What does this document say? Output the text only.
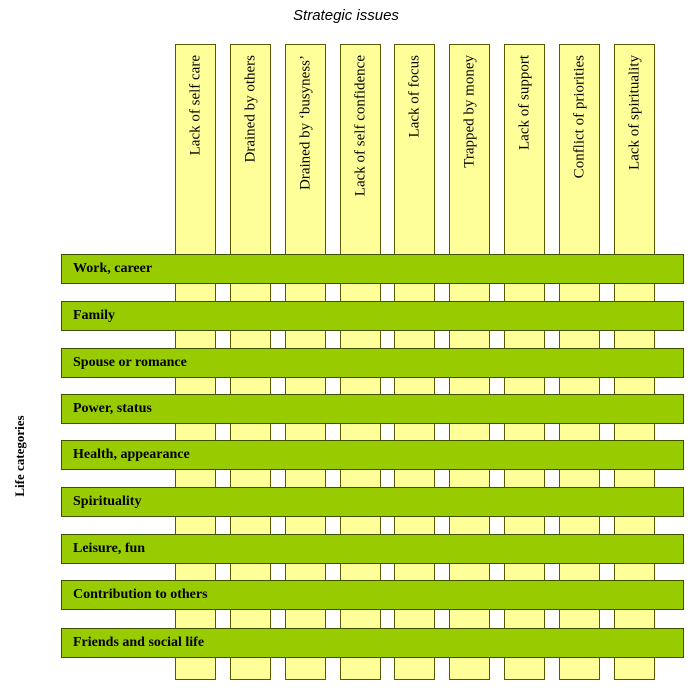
Strategic issues
Life categories
Lack of self care	Drained by others	Drained by ‘busyness’	Lack of self confidence	Lack of focus	Trapped by money	Lack of support	Conflict of priorities	Lack of spirituality
Work, career
Family
Spouse or romance
Power, status
Health, appearance
Spirituality
Leisure, fun
Contribution to others
Friends and social life
